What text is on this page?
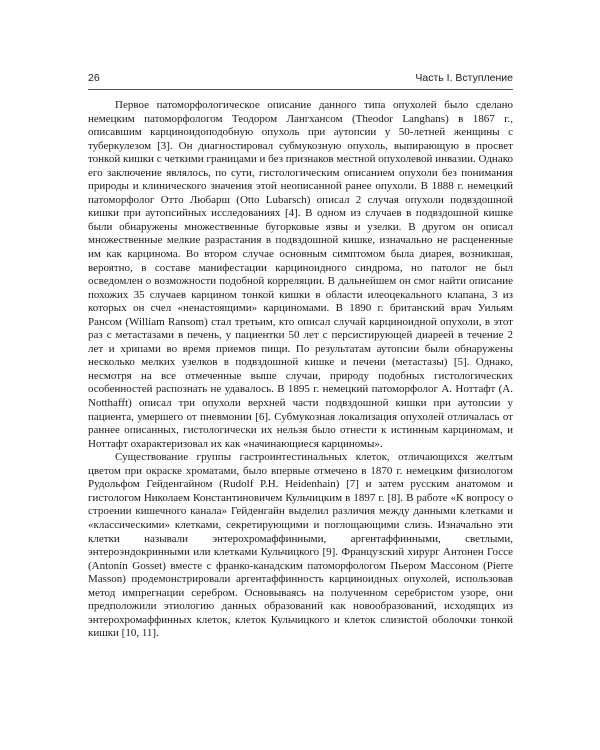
26	Часть I. Вступление

Первое патоморфологическое описание данного типа опухолей было сделано немецким патоморфологом Теодором Лангхансом (Theodor Langhans) в 1867 г., описавшим карциноидоподобную опухоль при аутопсии у 50-летней женщины с туберкулезом [3]. Он диагностировал субмукозную опухоль, выпирающую в просвет тонкой кишки с четкими границами и без признаков местной опухолевой инвазии. Однако его заключение являлось, по сути, гистологическим описанием опухоли без понимания природы и клинического значения этой неописанной ранее опухоли. В 1888 г. немецкий патоморфолог Отто Любарш (Otto Lubarsch) описал 2 случая опухоли подвздошной кишки при аутопсийных исследованиях [4]. В одном из случаев в подвздошной кишке были обнаружены множественные бугорковые язвы и узелки. В другом он описал множественные мелкие разрастания в подвздошной кишке, изначально не расцененные им как карцинома. Во втором случае основным симптомом была диарея, возникшая, вероятно, в составе манифестации карциноидного синдрома, но патолог не был осведомлен о возможности подобной корреляции. В дальнейшем он смог найти описание похожих 35 случаев карцином тонкой кишки в области илеоцекального клапана, 3 из которых он счел «ненастоящими» карциномами. В 1890 г. британский врач Уильям Рансом (William Ransom) стал третьим, кто описал случай карциноидной опухоли, в этот раз с метастазами в печень, у пациентки 50 лет с персистирующей диареей в течение 2 лет и хрипами во время приемов пищи. По результатам аутопсии были обнаружены несколько мелких узелков в подвздошной кишке и печени (метастазы) [5]. Однако, несмотря на все отмеченные выше случаи, природу подобных гистологических особенностей распознать не удавалось. В 1895 г. немецкий патоморфолог А. Ноттафт (A. Notthafft) описал три опухоли верхней части подвздошной кишки при аутопсии у пациента, умершего от пневмонии [6]. Субмукозная локализация опухолей отличалась от раннее описанных, гистологически их нельзя было отнести к истинным карциномам, и Ноттафт охарактеризовал их как «начинающиеся карциномы».

Существование группы гастроинтестинальных клеток, отличающихся желтым цветом при окраске хроматами, было впервые отмечено в 1870 г. немецким физиологом Рудольфом Гейденгайном (Rudolf P.H. Heidenhain) [7] и затем русским анатомом и гистологом Николаем Константиновичем Кульчицким в 1897 г. [8]. В работе «К вопросу о строении кишечного канала» Гейденгайн выделил различия между данными клетками и «классическими» клетками, секретирующими и поглощающими слизь. Изначально эти клетки называли энтерохромаффинными, аргентаффинными, светлыми, энтероэндокринными или клетками Кульчицкого [9]. Французский хирург Антонен Госсе (Antonin Gosset) вместе с франко-канадским патоморфологом Пьером Массоном (Pierre Masson) продемонстрировали аргентаффинность карциноидных опухолей, использовав метод импрегнации серебром. Основываясь на полученном серебристом узоре, они предположили этиологию данных образований как новообразований, исходящих из энтерохромаффинных клеток, клеток Кульчицкого и клеток слизистой оболочки тонкой кишки [10, 11].
